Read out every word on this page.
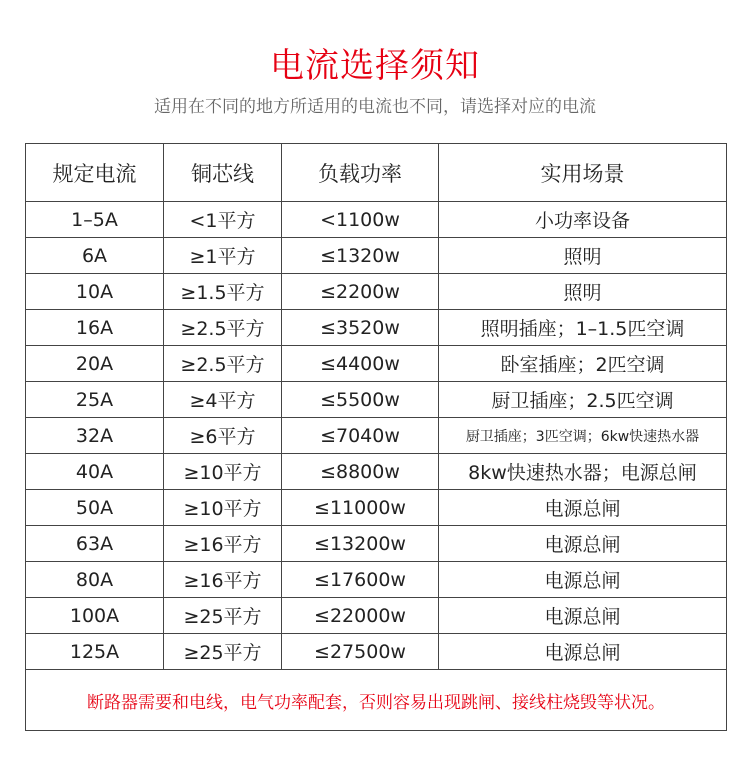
电流选择须知
适用在不同的地方所适用的电流也不同，请选择对应的电流
规定电流	铜芯线	负载功率	实用场景
1–5A	<1平方	<1100w	小功率设备
6A	≥1平方	≤1320w	照明
10A	≥1.5平方	≤2200w	照明
16A	≥2.5平方	≤3520w	照明插座；1–1.5匹空调
20A	≥2.5平方	≤4400w	卧室插座；2匹空调
25A	≥4平方	≤5500w	厨卫插座；2.5匹空调
32A	≥6平方	≤7040w	厨卫插座；3匹空调；6kw快速热水器
40A	≥10平方	≤8800w	8kw快速热水器；电源总闸
50A	≥10平方	≤11000w	电源总闸
63A	≥16平方	≤13200w	电源总闸
80A	≥16平方	≤17600w	电源总闸
100A	≥25平方	≤22000w	电源总闸
125A	≥25平方	≤27500w	电源总闸
断路器需要和电线，电气功率配套，否则容易出现跳闸、接线柱烧毁等状况。			
